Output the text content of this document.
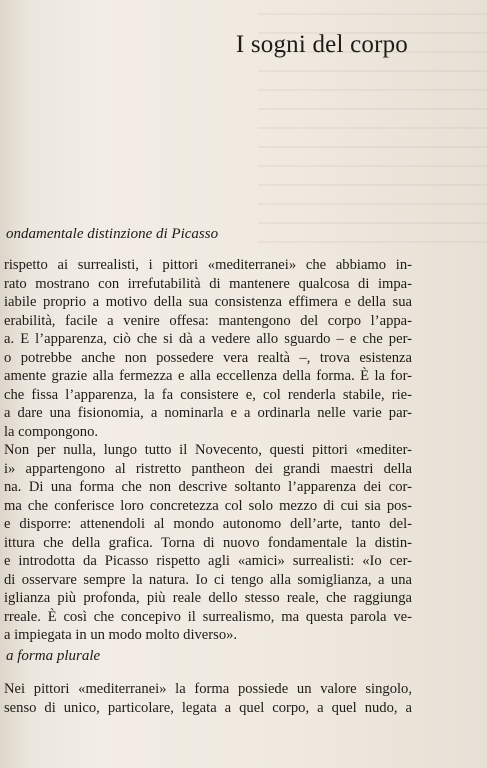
I sogni del corpo
ondamentale distinzione di Picasso
rispetto ai surrealisti, i pittori «mediterranei» che abbiamo in-
rato mostrano con irrefutabilità di mantenere qualcosa di impa-
iabile proprio a motivo della sua consistenza effimera e della sua
erabilità, facile a venire offesa: mantengono del corpo l’appa-
a. E l’apparenza, ciò che si dà a vedere allo sguardo – e che per-
o potrebbe anche non possedere vera realtà –, trova esistenza
amente grazie alla fermezza e alla eccellenza della forma. È la for-
che fissa l’apparenza, la fa consistere e, col renderla stabile, rie-
a dare una fisionomia, a nominarla e a ordinarla nelle varie par-
la compongono.
Non per nulla, lungo tutto il Novecento, questi pittori «mediter-
i» appartengono al ristretto pantheon dei grandi maestri della
na. Di una forma che non descrive soltanto l’apparenza dei cor-
ma che conferisce loro concretezza col solo mezzo di cui sia pos-
e disporre: attenendoli al mondo autonomo dell’arte, tanto del-
ittura che della grafica. Torna di nuovo fondamentale la distin-
e introdotta da Picasso rispetto agli «amici» surrealisti: «Io cer-
di osservare sempre la natura. Io ci tengo alla somiglianza, a una
iglianza più profonda, più reale dello stesso reale, che raggiunga
rreale. È così che concepivo il surrealismo, ma questa parola ve-
a impiegata in un modo molto diverso».
a forma plurale
Nei pittori «mediterranei» la forma possiede un valore singolo,
senso di unico, particolare, legata a quel corpo, a quel nudo, a
